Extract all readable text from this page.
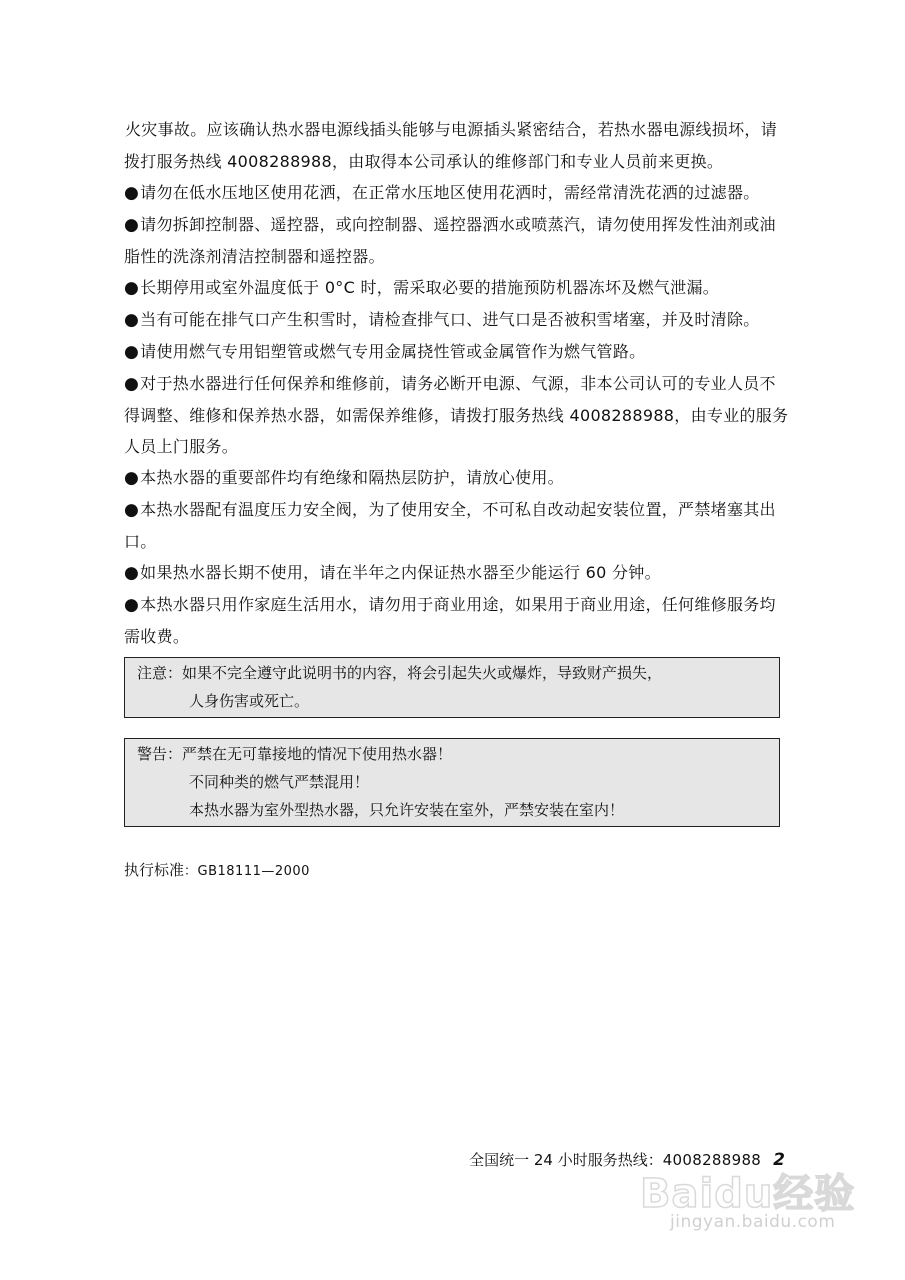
火灾事故。应该确认热水器电源线插头能够与电源插头紧密结合，若热水器电源线损坏，请拨打服务热线 4008288988，由取得本公司承认的维修部门和专业人员前来更换。

●请勿在低水压地区使用花洒，在正常水压地区使用花洒时，需经常清洗花洒的过滤器。

●请勿拆卸控制器、遥控器，或向控制器、遥控器洒水或喷蒸汽，请勿使用挥发性油剂或油脂性的洗涤剂清洁控制器和遥控器。

●长期停用或室外温度低于 0°C 时，需采取必要的措施预防机器冻坏及燃气泄漏。

●当有可能在排气口产生积雪时，请检查排气口、进气口是否被积雪堵塞，并及时清除。

●请使用燃气专用铝塑管或燃气专用金属挠性管或金属管作为燃气管路。

●对于热水器进行任何保养和维修前，请务必断开电源、气源，非本公司认可的专业人员不得调整、维修和保养热水器，如需保养维修，请拨打服务热线 4008288988，由专业的服务人员上门服务。

●本热水器的重要部件均有绝缘和隔热层防护，请放心使用。

●本热水器配有温度压力安全阀，为了使用安全，不可私自改动起安装位置，严禁堵塞其出口。

●如果热水器长期不使用，请在半年之内保证热水器至少能运行 60 分钟。

●本热水器只用作家庭生活用水，请勿用于商业用途，如果用于商业用途，任何维修服务均需收费。

注意：如果不完全遵守此说明书的内容，将会引起失火或爆炸，导致财产损失，
人身伤害或死亡。
警告：严禁在无可靠接地的情况下使用热水器！
不同种类的燃气严禁混用！
本热水器为室外型热水器，只允许安装在室外，严禁安装在室内！
执行标准：GB18111—2000
全国统一 24 小时服务热线： 4008288988 2
Baidu经验
jingyan.baidu.com
